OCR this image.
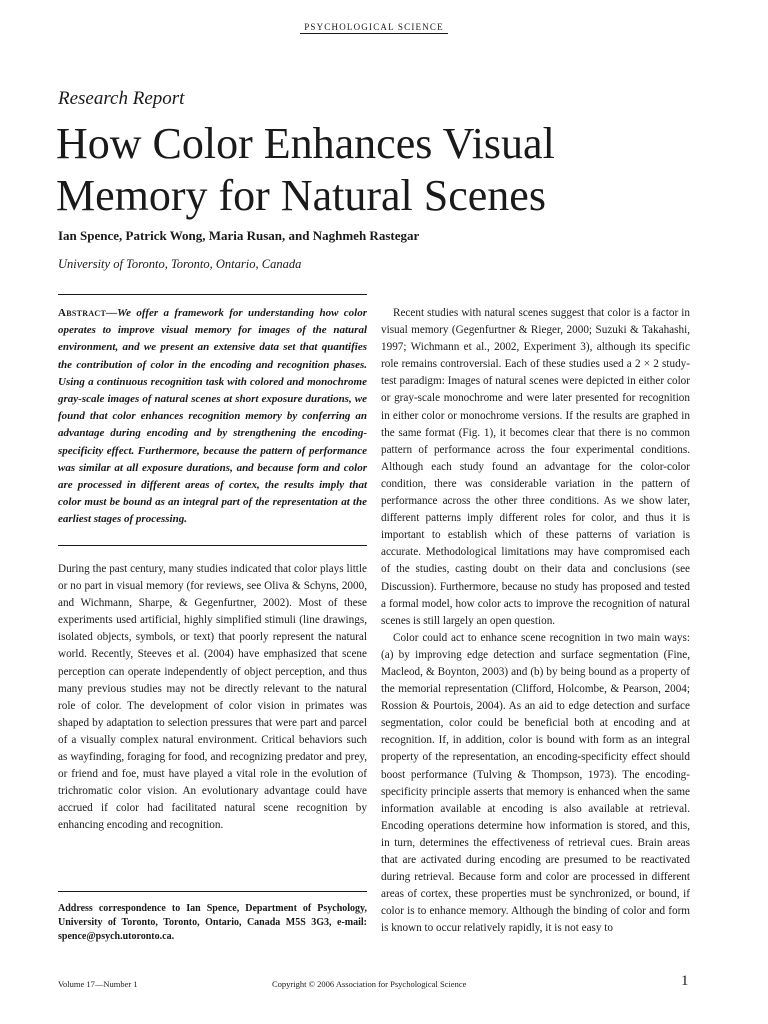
PSYCHOLOGICAL SCIENCE
Research Report
How Color Enhances Visual Memory for Natural Scenes
Ian Spence, Patrick Wong, Maria Rusan, and Naghmeh Rastegar
University of Toronto, Toronto, Ontario, Canada

Abstract—We offer a framework for understanding how color operates to improve visual memory for images of the natural environment, and we present an extensive data set that quantifies the contribution of color in the encoding and recognition phases. Using a continuous recognition task with colored and monochrome gray-scale images of natural scenes at short exposure durations, we found that color enhances recognition memory by conferring an advantage during encoding and by strengthening the encoding-specificity effect. Furthermore, because the pattern of performance was similar at all exposure durations, and because form and color are processed in different areas of cortex, the results imply that color must be bound as an integral part of the representation at the earliest stages of processing.

During the past century, many studies indicated that color plays little or no part in visual memory (for reviews, see Oliva & Schyns, 2000, and Wichmann, Sharpe, & Gegenfurtner, 2002). Most of these experiments used artificial, highly simplified stimuli (line drawings, isolated objects, symbols, or text) that poorly represent the natural world. Recently, Steeves et al. (2004) have emphasized that scene perception can operate independently of object perception, and thus many previous studies may not be directly relevant to the natural role of color. The development of color vision in primates was shaped by adaptation to selection pressures that were part and parcel of a visually complex natural environment. Critical behaviors such as wayfinding, foraging for food, and recognizing predator and prey, or friend and foe, must have played a vital role in the evolution of trichromatic color vision. An evolutionary advantage could have accrued if color had facilitated natural scene recognition by enhancing encoding and recognition.

Address correspondence to Ian Spence, Department of Psychology, University of Toronto, Toronto, Ontario, Canada M5S 3G3, e-mail: spence@psych.utoronto.ca.

Recent studies with natural scenes suggest that color is a factor in visual memory (Gegenfurtner & Rieger, 2000; Suzuki & Takahashi, 1997; Wichmann et al., 2002, Experiment 3), although its specific role remains controversial. Each of these studies used a 2 × 2 study-test paradigm: Images of natural scenes were depicted in either color or gray-scale monochrome and were later presented for recognition in either color or monochrome versions. If the results are graphed in the same format (Fig. 1), it becomes clear that there is no common pattern of performance across the four experimental conditions. Although each study found an advantage for the color-color condition, there was considerable variation in the pattern of performance across the other three conditions. As we show later, different patterns imply different roles for color, and thus it is important to establish which of these patterns of variation is accurate. Methodological limitations may have compromised each of the studies, casting doubt on their data and conclusions (see Discussion). Furthermore, because no study has proposed and tested a formal model, how color acts to improve the recognition of natural scenes is still largely an open question.

Color could act to enhance scene recognition in two main ways: (a) by improving edge detection and surface segmentation (Fine, Macleod, & Boynton, 2003) and (b) by being bound as a property of the memorial representation (Clifford, Holcombe, & Pearson, 2004; Rossion & Pourtois, 2004). As an aid to edge detection and surface segmentation, color could be beneficial both at encoding and at recognition. If, in addition, color is bound with form as an integral property of the representation, an encoding-specificity effect should boost performance (Tulving & Thompson, 1973). The encoding-specificity principle asserts that memory is enhanced when the same information available at encoding is also available at retrieval. Encoding operations determine how information is stored, and this, in turn, determines the effectiveness of retrieval cues. Brain areas that are activated during encoding are presumed to be reactivated during retrieval. Because form and color are processed in different areas of cortex, these properties must be synchronized, or bound, if color is to enhance memory. Although the binding of color and form is known to occur relatively rapidly, it is not easy to

Volume 17—Number 1	Copyright © 2006 Association for Psychological Science	1
